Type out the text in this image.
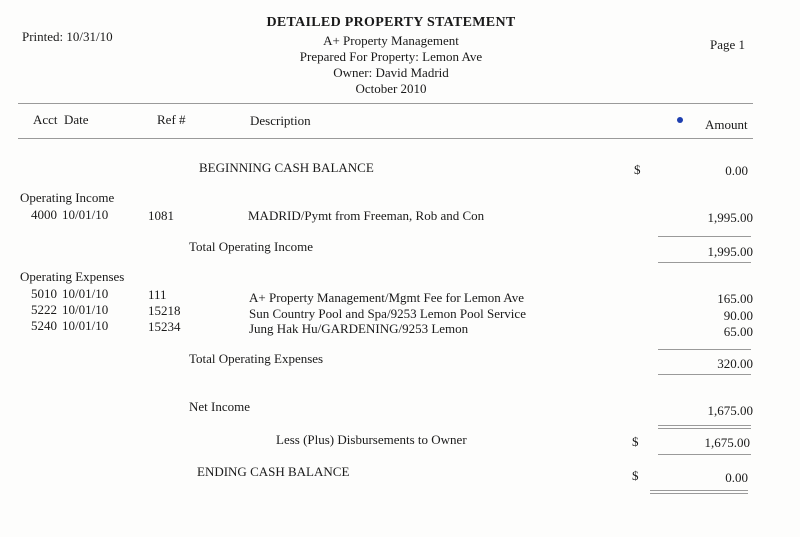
DETAILED PROPERTY STATEMENT
A+ Property Management
Prepared For Property: Lemon Ave
Owner: David Madrid
October 2010
Printed: 10/31/10
Page 1
Acct Date	Ref #	Description	Amount
BEGINNING CASH BALANCE	$	0.00
Operating Income
4000 10/01/10	1081	MADRID/Pymt from Freeman, Rob and Con	1,995.00
Total Operating Income	1,995.00
Operating Expenses
5010 10/01/10	111	A+ Property Management/Mgmt Fee for Lemon Ave	165.00
5222 10/01/10	15218	Sun Country Pool and Spa/9253 Lemon Pool Service	90.00
5240 10/01/10	15234	Jung Hak Hu/GARDENING/9253 Lemon	65.00
Total Operating Expenses	320.00
Net Income	1,675.00
Less (Plus) Disbursements to Owner	$	1,675.00
ENDING CASH BALANCE	$	0.00
